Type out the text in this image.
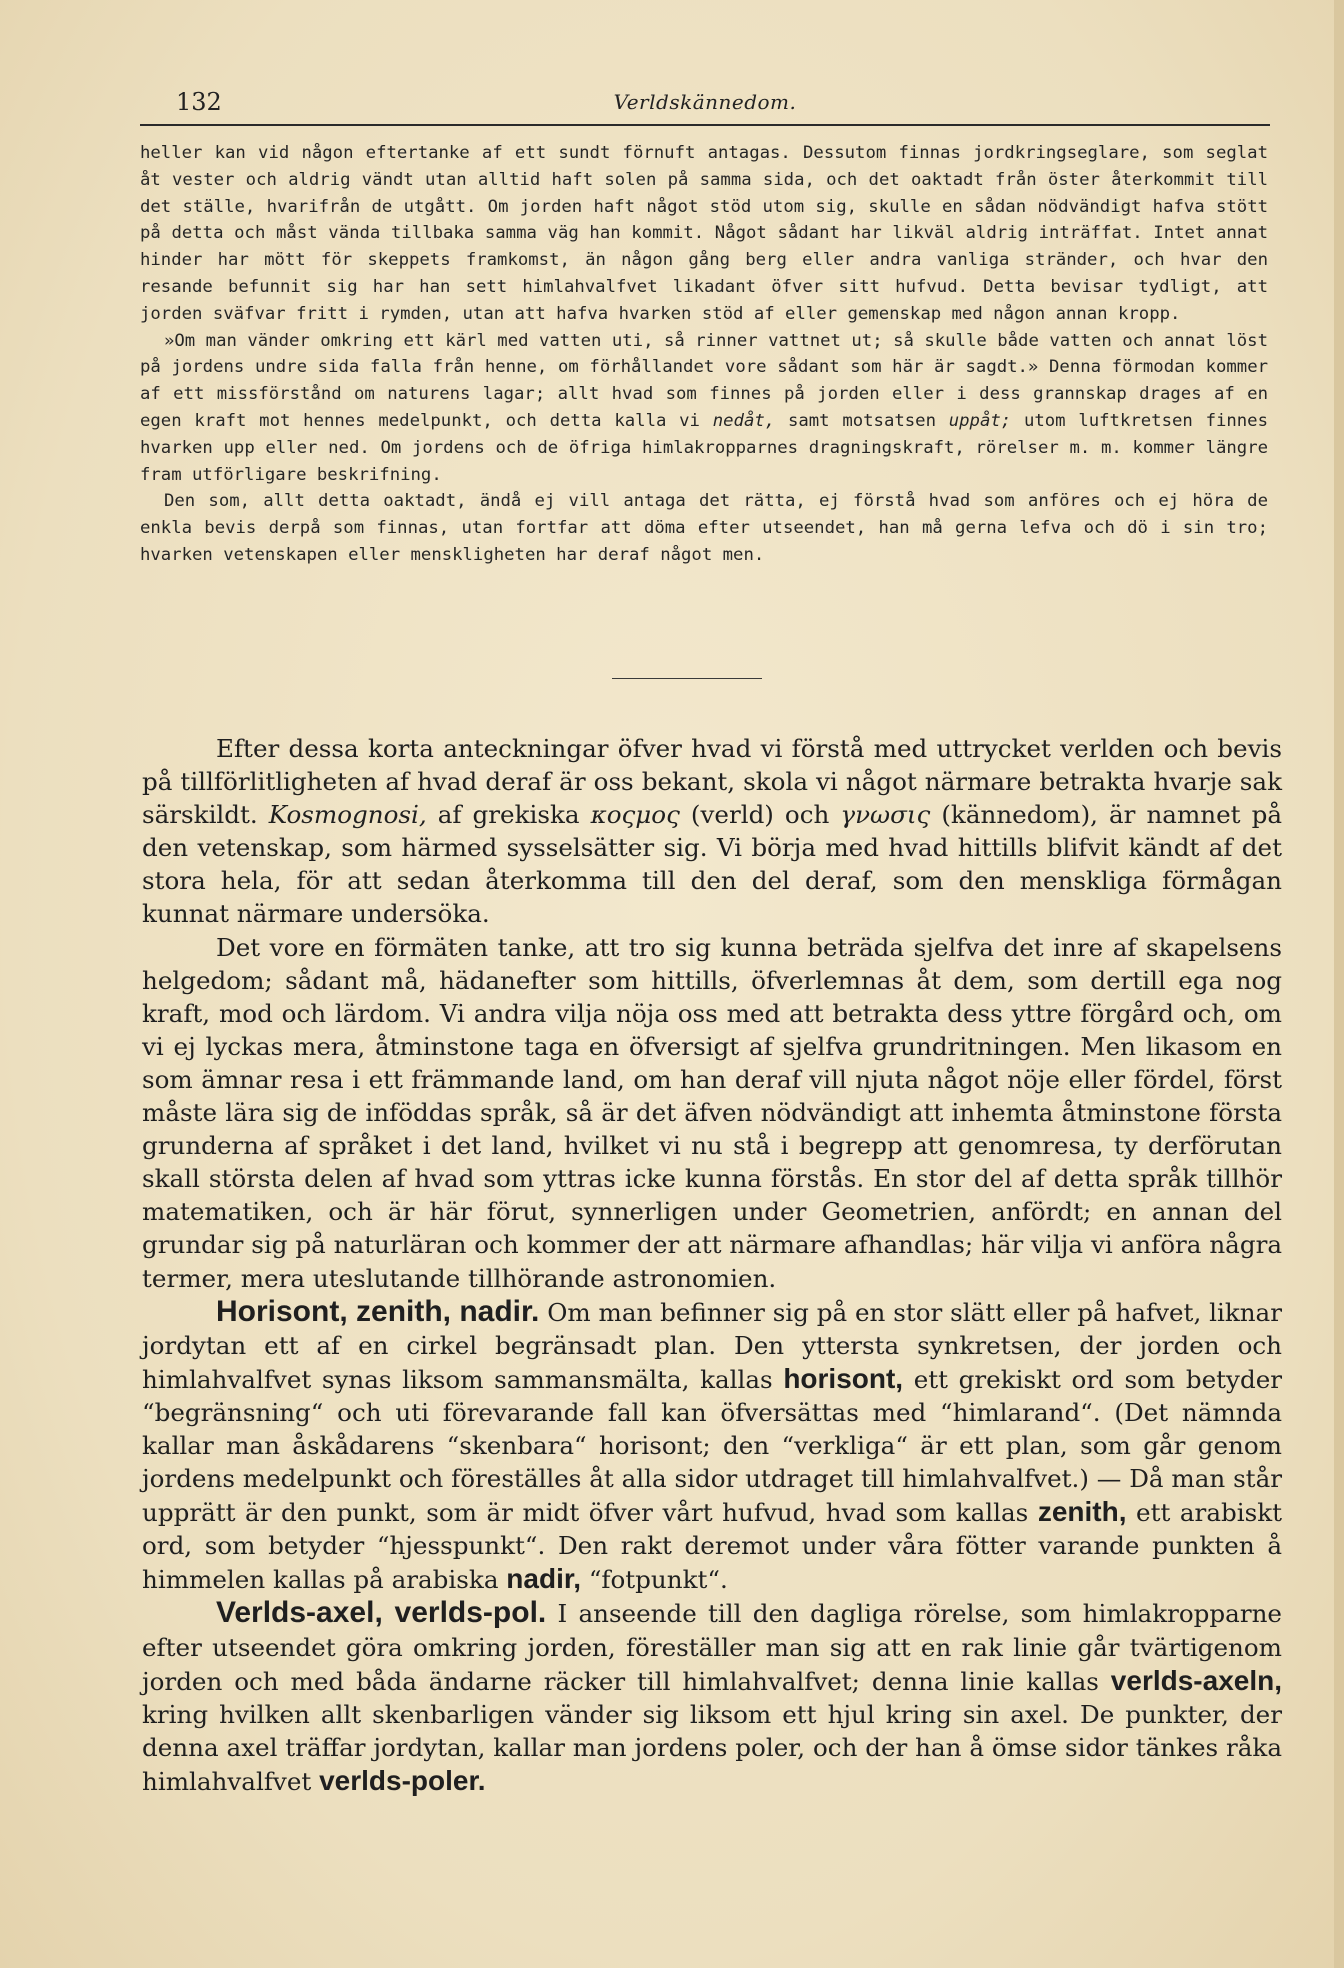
132	Verldskännedom.

heller kan vid någon eftertanke af ett sundt förnuft antagas. Dessutom finnas jordkringseglare, som seglat åt vester och aldrig vändt utan alltid haft solen på samma sida, och det oaktadt från öster återkommit till det ställe, hvarifrån de utgått. Om jorden haft något stöd utom sig, skulle en sådan nödvändigt hafva stött på detta och måst vända tillbaka samma väg han kommit. Något sådant har likväl aldrig inträffat. Intet annat hinder har mött för skeppets framkomst, än någon gång berg eller andra vanliga stränder, och hvar den resande befunnit sig har han sett himlahvalfvet likadant öfver sitt hufvud. Detta bevisar tydligt, att jorden sväfvar fritt i rymden, utan att hafva hvarken stöd af eller gemenskap med någon annan kropp.

»Om man vänder omkring ett kärl med vatten uti, så rinner vattnet ut; så skulle både vatten och annat löst på jordens undre sida falla från henne, om förhållandet vore sådant som här är sagdt.» Denna förmodan kommer af ett missförstånd om naturens lagar; allt hvad som finnes på jorden eller i dess grannskap drages af en egen kraft mot hennes medelpunkt, och detta kalla vi nedåt, samt motsatsen uppåt; utom luftkretsen finnes hvarken upp eller ned. Om jordens och de öfriga himlakropparnes dragningskraft, rörelser m. m. kommer längre fram utförligare beskrifning.

Den som, allt detta oaktadt, ändå ej vill antaga det rätta, ej förstå hvad som anföres och ej höra de enkla bevis derpå som finnas, utan fortfar att döma efter utseendet, han må gerna lefva och dö i sin tro; hvarken vetenskapen eller menskligheten har deraf något men.

Efter dessa korta anteckningar öfver hvad vi förstå med uttrycket verlden och bevis på tillförlitligheten af hvad deraf är oss bekant, skola vi något närmare betrakta hvarje sak särskildt. Kosmognosi, af grekiska κοςμος (verld) och γνωσις (kännedom), är namnet på den vetenskap, som härmed sysselsätter sig. Vi börja med hvad hittills blifvit kändt af det stora hela, för att sedan återkomma till den del deraf, som den menskliga förmågan kunnat närmare undersöka.

Det vore en förmäten tanke, att tro sig kunna beträda sjelfva det inre af skapelsens helgedom; sådant må, hädanefter som hittills, öfverlemnas åt dem, som dertill ega nog kraft, mod och lärdom. Vi andra vilja nöja oss med att betrakta dess yttre förgård och, om vi ej lyckas mera, åtminstone taga en öfversigt af sjelfva grundritningen. Men likasom en som ämnar resa i ett främmande land, om han deraf vill njuta något nöje eller fördel, först måste lära sig de inföddas språk, så är det äfven nödvändigt att inhemta åtminstone första grunderna af språket i det land, hvilket vi nu stå i begrepp att genomresa, ty derförutan skall största delen af hvad som yttras icke kunna förstås. En stor del af detta språk tillhör matematiken, och är här förut, synnerligen under Geometrien, anfördt; en annan del grundar sig på naturläran och kommer der att närmare afhandlas; här vilja vi anföra några termer, mera uteslutande tillhörande astronomien.

Horisont, zenith, nadir. Om man befinner sig på en stor slätt eller på hafvet, liknar jordytan ett af en cirkel begränsadt plan. Den yttersta synkretsen, der jorden och himlahvalfvet synas liksom sammansmälta, kallas horisont, ett grekiskt ord som betyder “begränsning“ och uti förevarande fall kan öfversättas med “himlarand“. (Det nämnda kallar man åskådarens “skenbara“ horisont; den “verkliga“ är ett plan, som går genom jordens medelpunkt och föreställes åt alla sidor utdraget till himlahvalfvet.) — Då man står upprätt är den punkt, som är midt öfver vårt hufvud, hvad som kallas zenith, ett arabiskt ord, som betyder “hjesspunkt“. Den rakt deremot under våra fötter varande punkten å himmelen kallas på arabiska nadir, “fotpunkt“.

Verlds-axel, verlds-pol. I anseende till den dagliga rörelse, som himlakropparne efter utseendet göra omkring jorden, föreställer man sig att en rak linie går tvärtigenom jorden och med båda ändarne räcker till himlahvalfvet; denna linie kallas verlds-axeln, kring hvilken allt skenbarligen vänder sig liksom ett hjul kring sin axel. De punkter, der denna axel träffar jordytan, kallar man jordens poler, och der han å ömse sidor tänkes råka himlahvalfvet verlds-poler.
